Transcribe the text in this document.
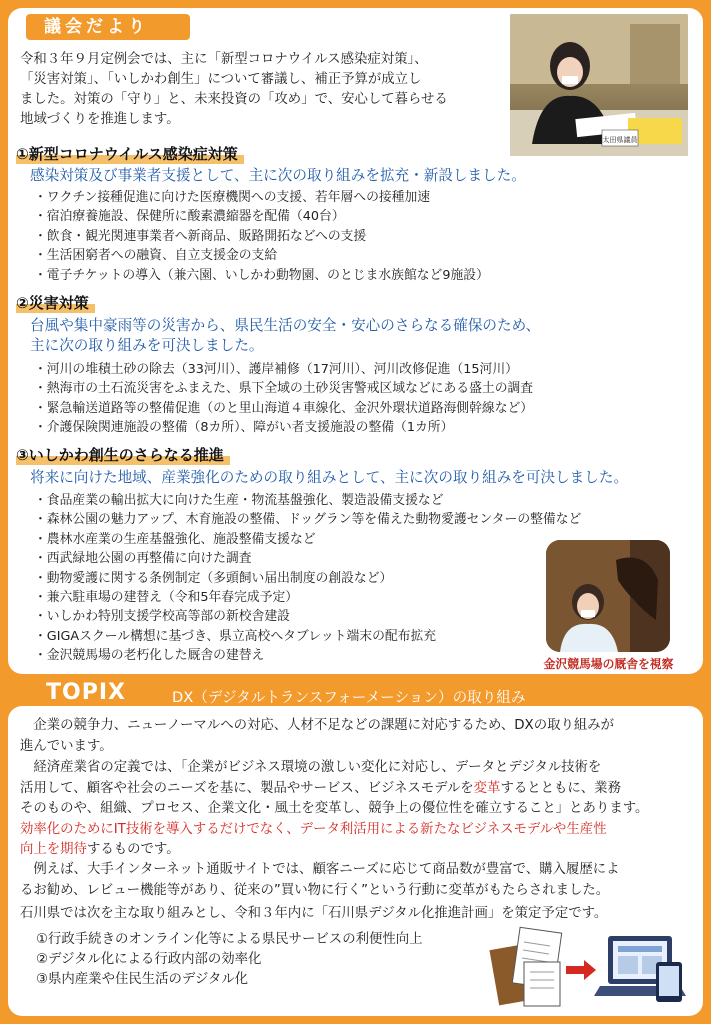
議会だより
令和３年９月定例会では、主に「新型コロナウイルス感染症対策」、
「災害対策」、「いしかわ創生」について審議し、補正予算が成立し
ました。対策の「守り」と、未来投資の「攻め」で、安心して暮らせる
地域づくりを推進します。
太田県議員
①新型コロナウイルス感染症対策
感染対策及び事業者支援として、主に次の取り組みを拡充・新設しました。
・ ワクチン接種促進に向けた医療機関への支援、若年層への接種加速
・ 宿泊療養施設、保健所に酸素濃縮器を配備（40台）
・ 飲食・観光関連事業者へ新商品、販路開拓などへの支援
・ 生活困窮者への融資、自立支援金の支給
・ 電子チケットの導入（兼六園、いしかわ動物園、のとじま水族館など9施設）
②災害対策
台風や集中豪雨等の災害から、県民生活の安全・安心のさらなる確保のため、
主に次の取り組みを可決しました。
・ 河川の堆積土砂の除去（33河川）、護岸補修（17河川）、河川改修促進（15河川）
・ 熱海市の土石流災害をふまえた、県下全域の土砂災害警戒区域などにある盛土の調査
・ 緊急輸送道路等の整備促進（のと里山海道４車線化、金沢外環状道路海側幹線など）
・ 介護保険関連施設の整備（8カ所）、障がい者支援施設の整備（1カ所）
③いしかわ創生のさらなる推進
将来に向けた地域、産業強化のための取り組みとして、主に次の取り組みを可決しました。
・ 食品産業の輸出拡大に向けた生産・物流基盤強化、製造設備支援など
・ 森林公園の魅力アップ、木育施設の整備、ドッグラン等を備えた動物愛護センターの整備など
・ 農林水産業の生産基盤強化、施設整備支援など
・ 西武緑地公園の再整備に向けた調査
・ 動物愛護に関する条例制定（多頭飼い届出制度の創設など）
・ 兼六駐車場の建替え（令和5年春完成予定）
・ いしかわ特別支援学校高等部の新校舎建設
・ GIGAスクール構想に基づき、県立高校へタブレット端末の配布拡充
・ 金沢競馬場の老朽化した厩舎の建替え
金沢競馬場の厩舎を視察
TOPIX	DX（デジタルトランスフォーメーション）の取り組み
　企業の競争力、ニューノーマルへの対応、人材不足などの課題に対応するため、DXの取り組みが
進んでいます。
　経済産業省の定義では、「企業がビジネス環境の激しい変化に対応し、データとデジタル技術を
活用して、顧客や社会のニーズを基に、製品やサービス、ビジネスモデルを変革するとともに、業務
そのものや、組織、プロセス、企業文化・風土を変革し、競争上の優位性を確立すること」とあります。
効率化のためにIT技術を導入するだけでなく、データ利活用による新たなビジネスモデルや生産性
向上を期待するものです。
　例えば、大手インターネット通販サイトでは、顧客ニーズに応じて商品数が豊富で、購入履歴によ
るお勧め、レビュー機能等があり、従来の”買い物に行く”という行動に変革がもたらされました。
石川県では次を主な取り組みとし、令和３年内に「石川県デジタル化推進計画」を策定予定です。
①行政手続きのオンライン化等による県民サービスの利便性向上
②デジタル化による行政内部の効率化
③県内産業や住民生活のデジタル化
